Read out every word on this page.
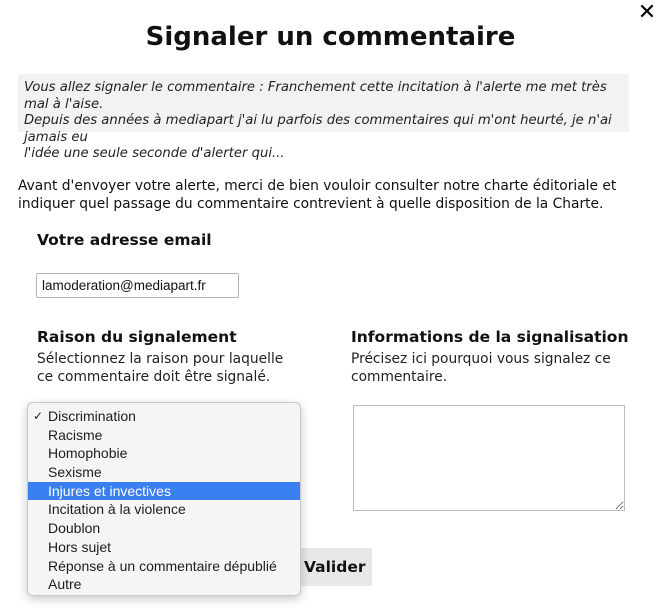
✕
Signaler un commentaire
Vous allez signaler le commentaire : Franchement cette incitation à l'alerte me met très mal à l'aise.
Depuis des années à mediapart j'ai lu parfois des commentaires qui m'ont heurté, je n'ai jamais eu
l'idée une seule seconde d'alerter qui...
Avant d'envoyer votre alerte, merci de bien vouloir consulter notre charte éditoriale et indiquer quel passage du commentaire contrevient à quelle disposition de la Charte.
Votre adresse email
lamoderation@mediapart.fr
Raison du signalement
Sélectionnez la raison pour laquelle ce commentaire doit être signalé.
Informations de la signalisation
Précisez ici pourquoi vous signalez ce commentaire.
Valider
✓ Discrimination
Racisme
Homophobie
Sexisme
Injures et invectives
Incitation à la violence
Doublon
Hors sujet
Réponse à un commentaire dépublié
Autre
